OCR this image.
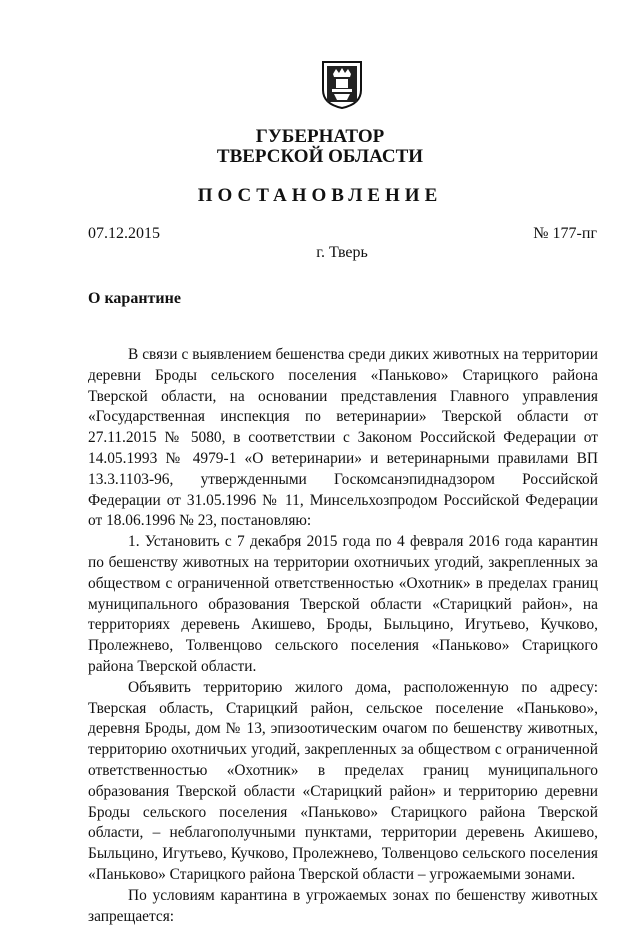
ГУБЕРНАТОР
ТВЕРСКОЙ ОБЛАСТИ
ПОСТАНОВЛЕНИЕ
07.12.2015	№ 177-пг
г. Тверь
О карантине

В связи с выявлением бешенства среди диких животных на территории деревни Броды сельского поселения «Паньково» Старицкого района Тверской области, на основании представления Главного управления «Государственная инспекция по ветеринарии» Тверской области от 27.11.2015 № 5080, в соответствии с Законом Российской Федерации от 14.05.1993 № 4979-1 «О ветеринарии» и ветеринарными правилами ВП 13.3.1103-96, утвержденными Госкомсанэпиднадзором Российской Федерации от 31.05.1996 № 11, Минсельхозпродом Российской Федерации от 18.06.1996 № 23, постановляю:

1. Установить с 7 декабря 2015 года по 4 февраля 2016 года карантин по бешенству животных на территории охотничьих угодий, закрепленных за обществом с ограниченной ответственностью «Охотник» в пределах границ муниципального образования Тверской области «Старицкий район», на территориях деревень Акишево, Броды, Быльцино, Игутьево, Кучково, Пролежнево, Толвенцово сельского поселения «Паньково» Старицкого района Тверской области.

Объявить территорию жилого дома, расположенную по адресу: Тверская область, Старицкий район, сельское поселение «Паньково», деревня Броды, дом № 13, эпизоотическим очагом по бешенству животных, территорию охотничьих угодий, закрепленных за обществом с ограниченной ответственностью «Охотник» в пределах границ муниципального образования Тверской области «Старицкий район» и территорию деревни Броды сельского поселения «Паньково» Старицкого района Тверской области, – неблагополучными пунктами, территории деревень Акишево, Быльцино, Игутьево, Кучково, Пролежнево, Толвенцово сельского поселения «Паньково» Старицкого района Тверской области – угрожаемыми зонами.

По условиям карантина в угрожаемых зонах по бешенству животных запрещается:
